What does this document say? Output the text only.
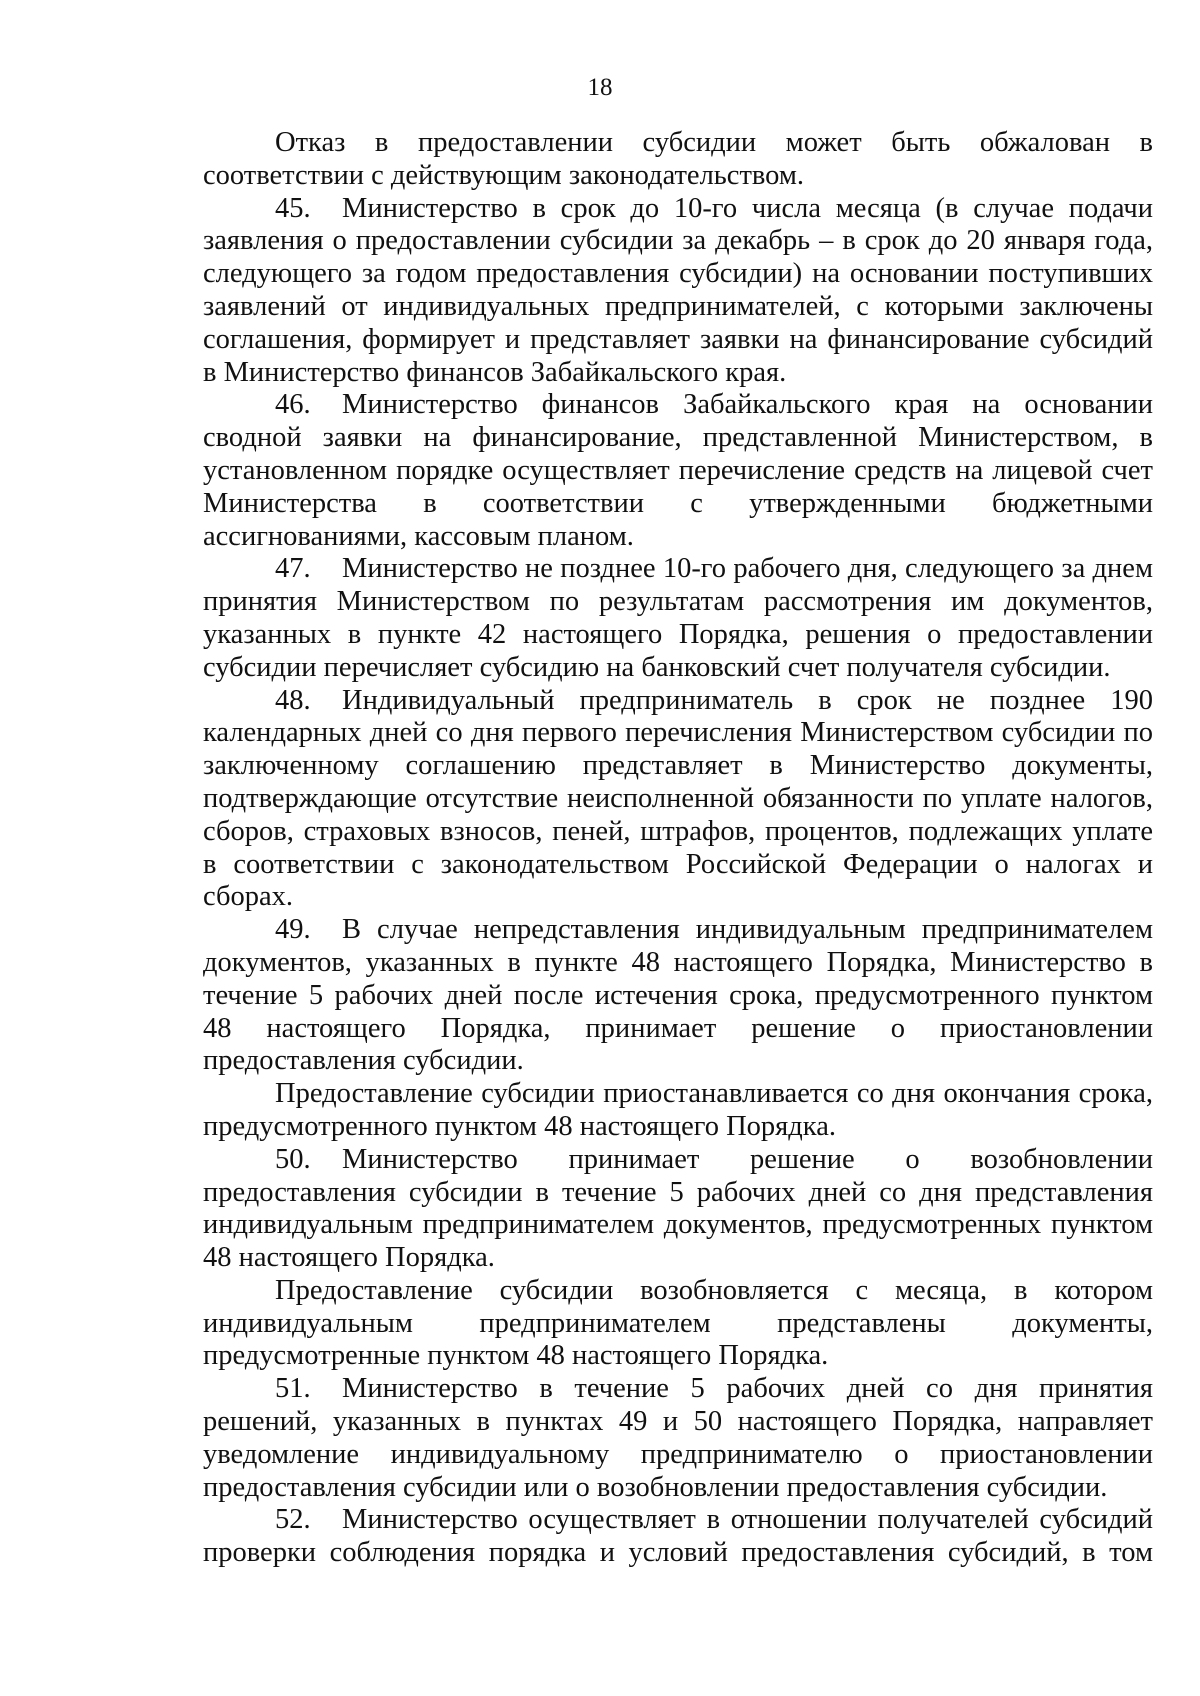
18

Отказ в предоставлении субсидии может быть обжалован в соответствии с действующим законодательством.

45. Министерство в срок до 10-го числа месяца (в случае подачи заявления о предоставлении субсидии за декабрь – в срок до 20 января года, следующего за годом предоставления субсидии) на основании поступивших заявлений от индивидуальных предпринимателей, с которыми заключены соглашения, формирует и представляет заявки на финансирование субсидий в Министерство финансов Забайкальского края.

46. Министерство финансов Забайкальского края на основании сводной заявки на финансирование, представленной Министерством, в установленном порядке осуществляет перечисление средств на лицевой счет Министерства в соответствии с утвержденными бюджетными ассигнованиями, кассовым планом.

47. Министерство не позднее 10-го рабочего дня, следующего за днем принятия Министерством по результатам рассмотрения им документов, указанных в пункте 42 настоящего Порядка, решения о предоставлении субсидии перечисляет субсидию на банковский счет получателя субсидии.

48. Индивидуальный предприниматель в срок не позднее 190 календарных дней со дня первого перечисления Министерством субсидии по заключенному соглашению представляет в Министерство документы, подтверждающие отсутствие неисполненной обязанности по уплате налогов, сборов, страховых взносов, пеней, штрафов, процентов, подлежащих уплате в соответствии с законодательством Российской Федерации о налогах и сборах.

49. В случае непредставления индивидуальным предпринимателем документов, указанных в пункте 48 настоящего Порядка, Министерство в течение 5 рабочих дней после истечения срока, предусмотренного пунктом 48 настоящего Порядка, принимает решение о приостановлении предоставления субсидии.

Предоставление субсидии приостанавливается со дня окончания срока, предусмотренного пунктом 48 настоящего Порядка.

50. Министерство принимает решение о возобновлении предоставления субсидии в течение 5 рабочих дней со дня представления индивидуальным предпринимателем документов, предусмотренных пунктом 48 настоящего Порядка.

Предоставление субсидии возобновляется с месяца, в котором индивидуальным предпринимателем представлены документы, предусмотренные пунктом 48 настоящего Порядка.

51. Министерство в течение 5 рабочих дней со дня принятия решений, указанных в пунктах 49 и 50 настоящего Порядка, направляет уведомление индивидуальному предпринимателю о приостановлении предоставления субсидии или о возобновлении предоставления субсидии.

52. Министерство осуществляет в отношении получателей субсидий проверки соблюдения порядка и условий предоставления субсидий, в том
